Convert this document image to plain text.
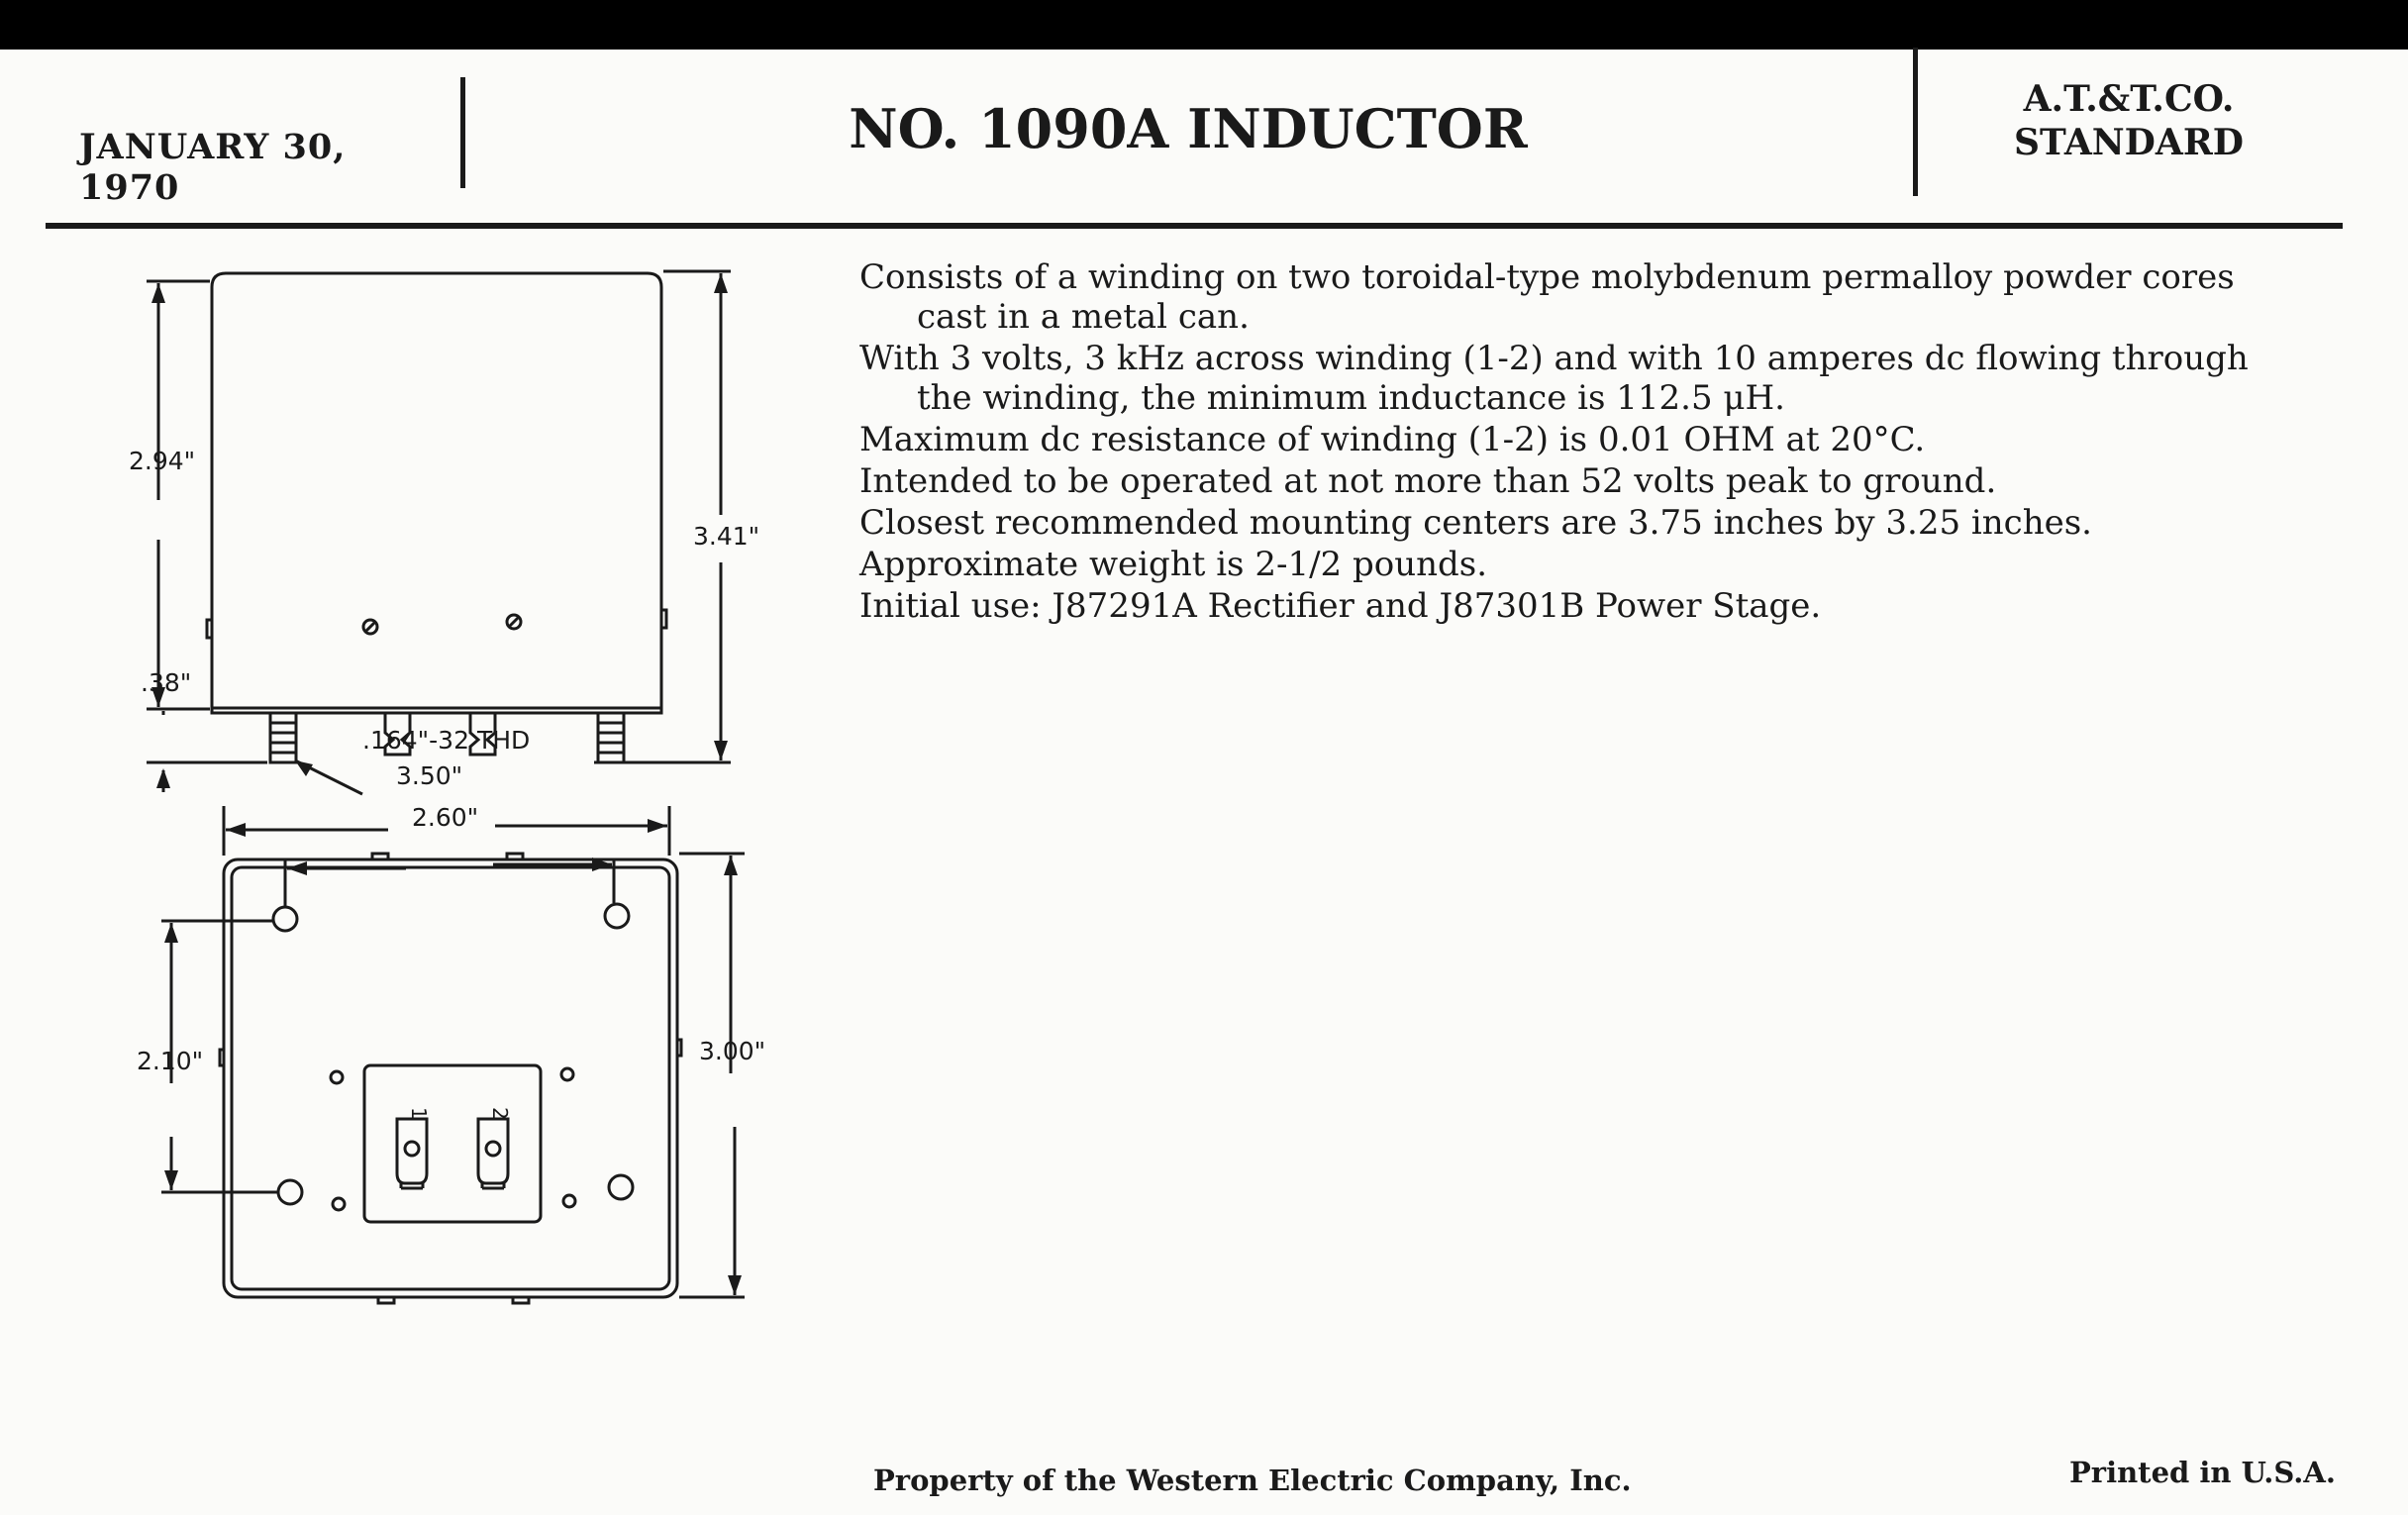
JANUARY 30, 1970
NO. 1090A INDUCTOR	A.T.&T.CO.
STANDARD
Consists of a winding on two toroidal-type molybdenum permalloy powder cores cast in a metal can.
With 3 volts, 3 kHz across winding (1-2) and with 10 amperes dc flowing through the winding, the minimum inductance is 112.5 μH.
Maximum dc resistance of winding (1-2) is 0.01 OHM at 20°C.
Intended to be operated at not more than 52 volts peak to ground.
Closest recommended mounting centers are 3.75 inches by 3.25 inches.
Approximate weight is 2-1/2 pounds.
Initial use: J87291A Rectifier and J87301B Power Stage.
2.94"
3.41"
.38"
.164"-32 THD
3.50"
2.60"
2.10"	3.00"
1	2
Property of the Western Electric Company, Inc.	Printed in U.S.A.
